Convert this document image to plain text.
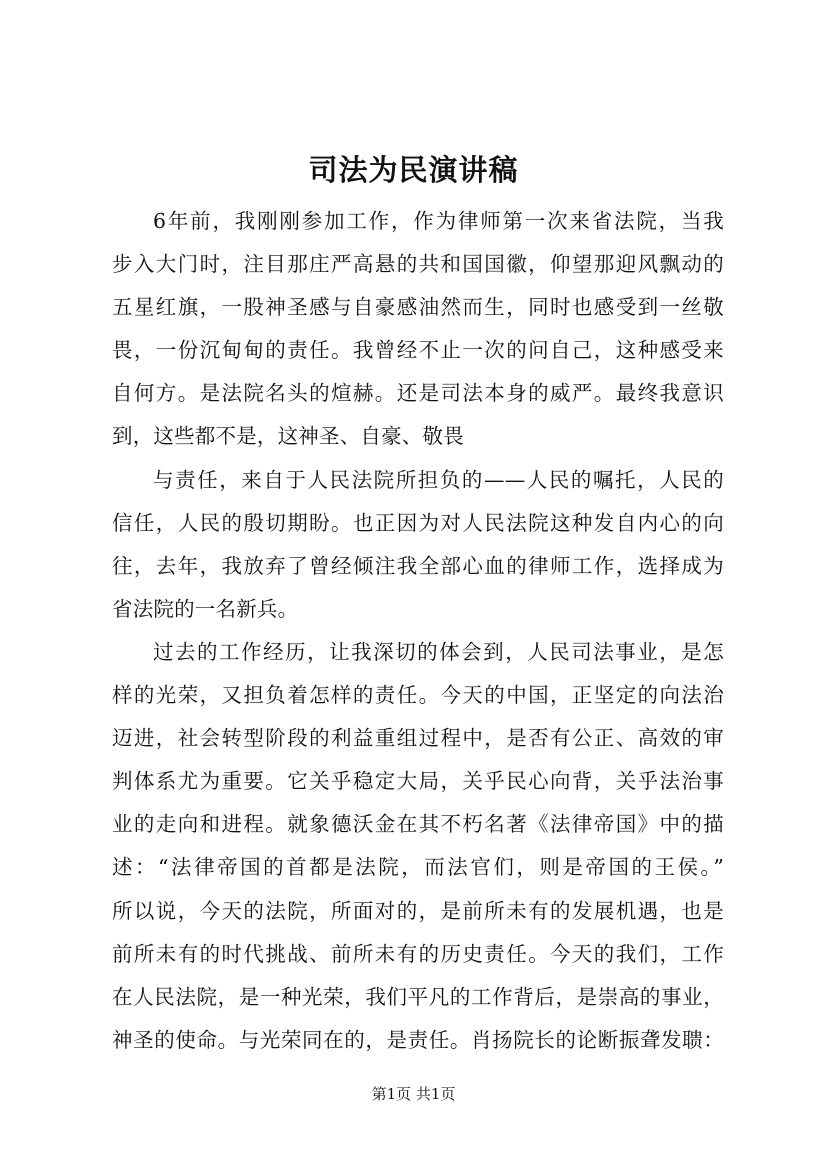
司法为民演讲稿
6年前，我刚刚参加工作，作为律师第一次来省法院，当我
步入大门时，注目那庄严高悬的共和国国徽，仰望那迎风飘动的
五星红旗，一股神圣感与自豪感油然而生，同时也感受到一丝敬
畏，一份沉甸甸的责任。我曾经不止一次的问自己，这种感受来
自何方。是法院名头的煊赫。还是司法本身的威严。最终我意识
到，这些都不是，这神圣、自豪、敬畏
与责任，来自于人民法院所担负的——人民的嘱托，人民的
信任，人民的殷切期盼。也正因为对人民法院这种发自内心的向
往，去年，我放弃了曾经倾注我全部心血的律师工作，选择成为
省法院的一名新兵。
过去的工作经历，让我深切的体会到，人民司法事业，是怎
样的光荣，又担负着怎样的责任。今天的中国，正坚定的向法治
迈进，社会转型阶段的利益重组过程中，是否有公正、高效的审
判体系尤为重要。它关乎稳定大局，关乎民心向背，关乎法治事
业的走向和进程。就象德沃金在其不朽名著《法律帝国》中的描
述：“法律帝国的首都是法院，而法官们，则是帝国的王侯。”
所以说，今天的法院，所面对的，是前所未有的发展机遇，也是
前所未有的时代挑战、前所未有的历史责任。今天的我们，工作
在人民法院，是一种光荣，我们平凡的工作背后，是崇高的事业，
神圣的使命。与光荣同在的，是责任。肖扬院长的论断振聋发聩：
第1页 共1页
